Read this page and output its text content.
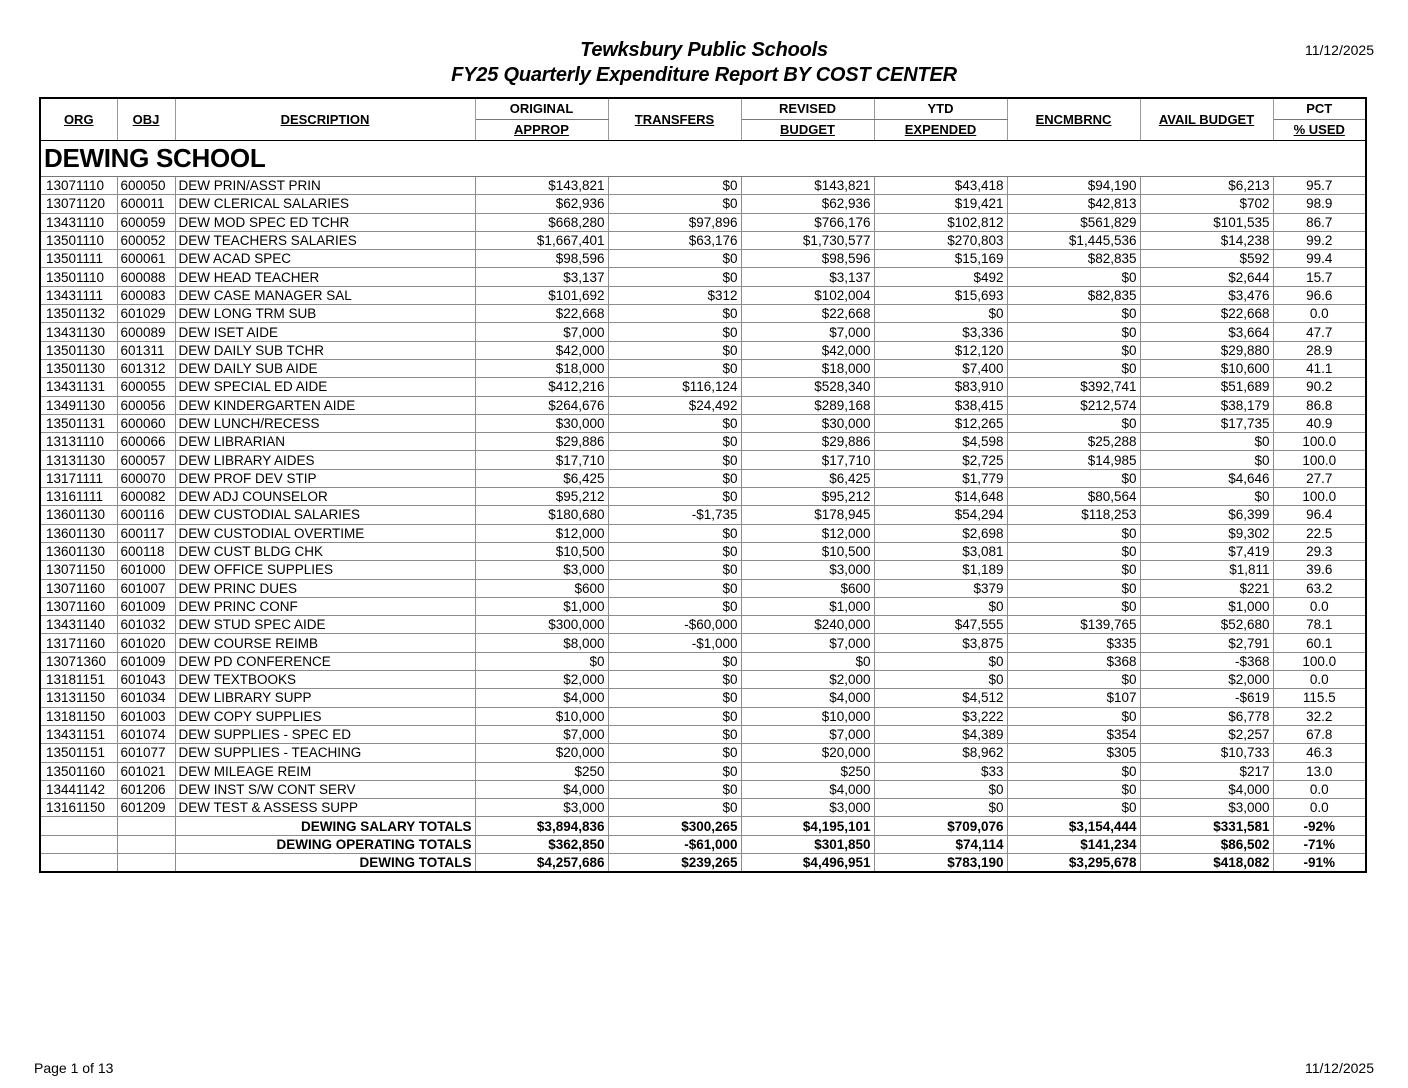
Tewksbury Public Schools
FY25 Quarterly Expenditure Report BY COST CENTER
11/12/2025
ORG	OBJ	DESCRIPTION	ORIGINAL	TRANSFERS	REVISED	YTD	ENCMBRNC	AVAIL BUDGET	PCT
			APPROP		BUDGET	EXPENDED			% USED
DEWING SCHOOL									
13071110	600050	DEW PRIN/ASST PRIN	$143,821	$0	$143,821	$43,418	$94,190	$6,213	95.7
13071120	600011	DEW CLERICAL SALARIES	$62,936	$0	$62,936	$19,421	$42,813	$702	98.9
13431110	600059	DEW MOD SPEC ED TCHR	$668,280	$97,896	$766,176	$102,812	$561,829	$101,535	86.7
13501110	600052	DEW TEACHERS SALARIES	$1,667,401	$63,176	$1,730,577	$270,803	$1,445,536	$14,238	99.2
13501111	600061	DEW ACAD SPEC	$98,596	$0	$98,596	$15,169	$82,835	$592	99.4
13501110	600088	DEW HEAD TEACHER	$3,137	$0	$3,137	$492	$0	$2,644	15.7
13431111	600083	DEW CASE MANAGER SAL	$101,692	$312	$102,004	$15,693	$82,835	$3,476	96.6
13501132	601029	DEW LONG TRM SUB	$22,668	$0	$22,668	$0	$0	$22,668	0.0
13431130	600089	DEW ISET AIDE	$7,000	$0	$7,000	$3,336	$0	$3,664	47.7
13501130	601311	DEW DAILY SUB TCHR	$42,000	$0	$42,000	$12,120	$0	$29,880	28.9
13501130	601312	DEW DAILY SUB AIDE	$18,000	$0	$18,000	$7,400	$0	$10,600	41.1
13431131	600055	DEW SPECIAL ED AIDE	$412,216	$116,124	$528,340	$83,910	$392,741	$51,689	90.2
13491130	600056	DEW KINDERGARTEN AIDE	$264,676	$24,492	$289,168	$38,415	$212,574	$38,179	86.8
13501131	600060	DEW LUNCH/RECESS	$30,000	$0	$30,000	$12,265	$0	$17,735	40.9
13131110	600066	DEW LIBRARIAN	$29,886	$0	$29,886	$4,598	$25,288	$0	100.0
13131130	600057	DEW LIBRARY AIDES	$17,710	$0	$17,710	$2,725	$14,985	$0	100.0
13171111	600070	DEW PROF DEV STIP	$6,425	$0	$6,425	$1,779	$0	$4,646	27.7
13161111	600082	DEW ADJ COUNSELOR	$95,212	$0	$95,212	$14,648	$80,564	$0	100.0
13601130	600116	DEW CUSTODIAL SALARIES	$180,680	-$1,735	$178,945	$54,294	$118,253	$6,399	96.4
13601130	600117	DEW CUSTODIAL OVERTIME	$12,000	$0	$12,000	$2,698	$0	$9,302	22.5
13601130	600118	DEW CUST BLDG CHK	$10,500	$0	$10,500	$3,081	$0	$7,419	29.3
13071150	601000	DEW OFFICE SUPPLIES	$3,000	$0	$3,000	$1,189	$0	$1,811	39.6
13071160	601007	DEW PRINC DUES	$600	$0	$600	$379	$0	$221	63.2
13071160	601009	DEW PRINC CONF	$1,000	$0	$1,000	$0	$0	$1,000	0.0
13431140	601032	DEW STUD SPEC AIDE	$300,000	-$60,000	$240,000	$47,555	$139,765	$52,680	78.1
13171160	601020	DEW COURSE REIMB	$8,000	-$1,000	$7,000	$3,875	$335	$2,791	60.1
13071360	601009	DEW PD CONFERENCE	$0	$0	$0	$0	$368	-$368	100.0
13181151	601043	DEW TEXTBOOKS	$2,000	$0	$2,000	$0	$0	$2,000	0.0
13131150	601034	DEW LIBRARY SUPP	$4,000	$0	$4,000	$4,512	$107	-$619	115.5
13181150	601003	DEW COPY SUPPLIES	$10,000	$0	$10,000	$3,222	$0	$6,778	32.2
13431151	601074	DEW SUPPLIES - SPEC ED	$7,000	$0	$7,000	$4,389	$354	$2,257	67.8
13501151	601077	DEW SUPPLIES - TEACHING	$20,000	$0	$20,000	$8,962	$305	$10,733	46.3
13501160	601021	DEW MILEAGE REIM	$250	$0	$250	$33	$0	$217	13.0
13441142	601206	DEW INST S/W CONT SERV	$4,000	$0	$4,000	$0	$0	$4,000	0.0
13161150	601209	DEW TEST & ASSESS SUPP	$3,000	$0	$3,000	$0	$0	$3,000	0.0
		DEWING SALARY TOTALS	$3,894,836	$300,265	$4,195,101	$709,076	$3,154,444	$331,581	-92%
		DEWING OPERATING TOTALS	$362,850	-$61,000	$301,850	$74,114	$141,234	$86,502	-71%
		DEWING TOTALS	$4,257,686	$239,265	$4,496,951	$783,190	$3,295,678	$418,082	-91%
Page 1 of 13	11/12/2025
